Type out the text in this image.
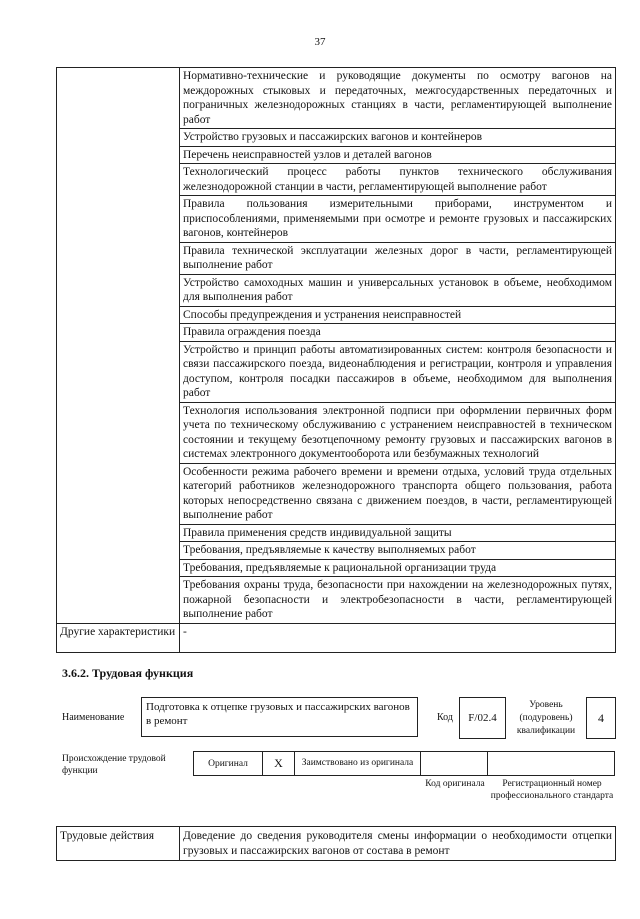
37
	Нормативно-технические и руководящие документы по осмотру вагонов на междорожных стыковых и передаточных, межгосударственных передаточных и пограничных железнодорожных станциях в части, регламентирующей выполнение работ
	Устройство грузовых и пассажирских вагонов и контейнеров
	Перечень неисправностей узлов и деталей вагонов
	Технологический процесс работы пунктов технического обслуживания железнодорожной станции в части, регламентирующей выполнение работ
	Правила пользования измерительными приборами, инструментом и приспособлениями, применяемыми при осмотре и ремонте грузовых и пассажирских вагонов, контейнеров
	Правила технической эксплуатации железных дорог в части, регламентирующей выполнение работ
	Устройство самоходных машин и универсальных установок в объеме, необходимом для выполнения работ
	Способы предупреждения и устранения неисправностей
	Правила ограждения поезда
	Устройство и принцип работы автоматизированных систем: контроля безопасности и связи пассажирского поезда, видеонаблюдения и регистрации, контроля и управления доступом, контроля посадки пассажиров в объеме, необходимом для выполнения работ
	Технология использования электронной подписи при оформлении первичных форм учета по техническому обслуживанию с устранением неисправностей в техническом состоянии и текущему безотцепочному ремонту грузовых и пассажирских вагонов в системах электронного документооборота или безбумажных технологий
	Особенности режима рабочего времени и времени отдыха, условий труда отдельных категорий работников железнодорожного транспорта общего пользования, работа которых непосредственно связана с движением поездов, в части, регламентирующей выполнение работ
	Правила применения средств индивидуальной защиты
	Требования, предъявляемые к качеству выполняемых работ
	Требования, предъявляемые к рациональной организации труда
	Требования охраны труда, безопасности при нахождении на железнодорожных путях, пожарной безопасности и электробезопасности в части, регламентирующей выполнение работ
Другие характеристики	-
3.6.2. Трудовая функция
Наименование
Подготовка к отцепке грузовых и пассажирских вагонов в ремонт	Код	F/02.4
Уровень (подуровень) квалификации
4
Происхождение трудовой функции
Оригинал	X	Заимствовано из оригинала
Код оригинала	Регистрационный номер профессионального стандарта
Трудовые действия	Доведение до сведения руководителя смены информации о необходимости отцепки грузовых и пассажирских вагонов от состава в ремонт
